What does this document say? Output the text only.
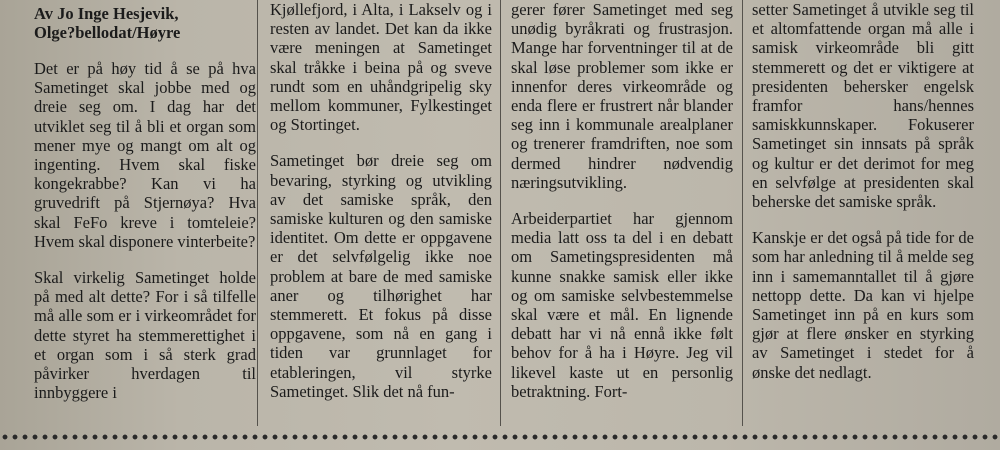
Av Jo Inge Hesjevik,
Olge?bellodat/Høyre

Det er på høy tid å se på hva Sametinget skal jobbe med og dreie seg om. I dag har det utviklet seg til å bli et organ som mener mye og mangt om alt og ingenting. Hvem skal fiske kongekrabbe? Kan vi ha gruvedrift på Stjernøya? Hva skal FeFo kreve i tomteleie? Hvem skal disponere vinterbeite?

Skal virkelig Sametinget holde på med alt dette? For i så tilfelle må alle som er i virkeområdet for dette styret ha stemmerettighet i et organ som i så sterk grad påvirker hverdagen til innbyggere i

Kjøllefjord, i Alta, i Lakselv og i resten av landet. Det kan da ikke være meningen at Sametinget skal tråkke i beina på og sveve rundt som en uhåndgripelig sky mellom kommuner, Fylkestinget og Stortinget.

Sametinget bør dreie seg om bevaring, styrking og utvikling av det samiske språk, den samiske kulturen og den samiske identitet. Om dette er oppgavene er det selvfølgelig ikke noe problem at bare de med samiske aner og tilhørighet har stemmerett. Et fokus på disse oppgavene, som nå en gang i tiden var grunnlaget for etableringen, vil styrke Sametinget. Slik det nå fun-

gerer fører Sametinget med seg unødig byråkrati og frustrasjon. Mange har forventninger til at de skal løse problemer som ikke er innenfor deres virkeområde og enda flere er frustrert når blander seg inn i kommunale arealplaner og trenerer framdriften, noe som dermed hindrer nødvendig næringsutvikling.

Arbeiderpartiet har gjennom media latt oss ta del i en debatt om Sametingspresidenten må kunne snakke samisk eller ikke og om samiske selvbestemmelse skal være et mål. En lignende debatt har vi nå ennå ikke følt behov for å ha i Høyre. Jeg vil likevel kaste ut en personlig betraktning. Fort-

setter Sametinget å utvikle seg til et altomfattende organ må alle i samisk virkeområde bli gitt stemmerett og det er viktigere at presidenten behersker engelsk framfor hans/hennes samiskkunnskaper. Fokuserer Sametinget sin innsats på språk og kultur er det derimot for meg en selvfølge at presidenten skal beherske det samiske språk.

Kanskje er det også på tide for de som har anledning til å melde seg inn i samemanntallet til å gjøre nettopp dette. Da kan vi hjelpe Sametinget inn på en kurs som gjør at flere ønsker en styrking av Sametinget i stedet for å ønske det nedlagt.
